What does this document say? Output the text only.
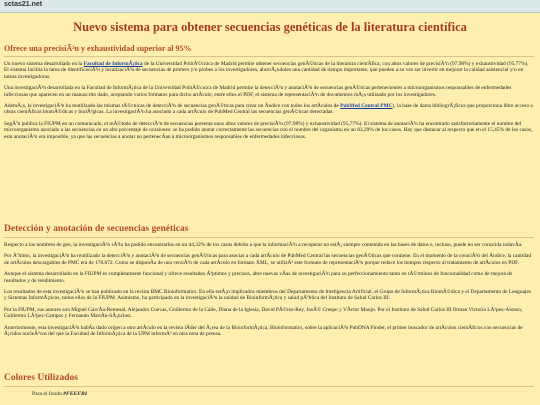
sctas21.net
Nuevo sistema para obtener secuencias genéticas de la literatura científica
Ofrece una precisiÃ³n y exhaustividad superior al 95%

Un nuevo sistema desarrollado en la Facultad de InformÃ¡tica de la Universidad PolitÃ©cnica de Madrid permite obtener secuencias genÃ©ticas de la literatura cientÃfica, con altos valores de precisiÃ³n (97,98%) y exhaustividad (95,77%). El sistema facilita la tarea de identificaciÃ³n y localizaciÃ³n de secuencias de primers y/o probes a los investigadores, ahorrÃ¡ndoles una cantidad de tiempo importante, que pueden a su vez ser invertir en mejorar la calidad asistencial y/o en tareas investigadoras.

Una investigaciÃ³n desarrollada en la Facultad de InformÃ¡tica de la Universidad PolitÃ©cnica de Madrid permite la detecciÃ³n y anotaciÃ³n de secuencias genÃ©ticas pertenecientes a microorganismos responsables de enfermedades infecciosas que aparecen en un manuscrito dado, aceptando varios formatos para dicho artÃculo, entre ellos el PDF, el sistema de representaciÃ³n de documentos mÃ¡s utilizado por los investigadores.

AdemÃ¡s, la investigaciÃ³n ha reutilizado las mismas tÃ©cnicas de detecciÃ³n de secuencias genÃ©ticas para crear un Ãndice con todos los artÃculos de PubMed Central PMC), la base de datos bibliogrÃ¡ficos que proporciona libre acceso a obras cientÃficas biomÃ©dicas y biolÃ³gicas. La investigaciÃ³n ha asociado a cada artÃculo de PubMed Central las secuencias genÃ©ticas detectadas.

SegÃºn publica la FIUPM en un comunicado, el mÃ©todo de detecciÃ³n de secuencias presenta unos altos valores de precisiÃ³n (97,98%) y exhaustividad (95,77%). El sistema de anotaciÃ³n ha encontrado satisfactoriamente el nombre del microorganismo asociado a las secuencias en un alto porcentaje de ocasiones: se ha podido anotar correctamente las secuencias con el nombre del organismo en un 83,29% de los casos. Hay que destacar al respecto que en el 15,45% de los casos, esta anotaciÃ³n era imposible, ya que las secuencias a anotar no pertenecÃan a microorganismos responsables de enfermedades infecciosas.

Detección y anotación de secuencias genéticas

Respecto a los nombres de gen, la investigaciÃ³n sÃ³lo ha podido encontrarlos en un 44,32% de los casos debido a que la informaciÃ³n a recuperar no estÃ¡ siempre contenida en las bases de datos e, incluso, puede no ser conocida todavÃa.

Por Ãºltimo, la investigaciÃ³n ha reutilizado la detecciÃ³n y anotaciÃ³n de secuencias genÃ©ticas para asociar a cada artÃculo de PubMed Central las secuencias genÃ©ticas que contiene. En el momento de la creaciÃ³n del Ãndice, la cantidad de artÃculos descargables de PMC era de 176.672. Como se disponÃa de una versiÃ³n de cada artÃculo en formato XML, se utilizÃ³ este formato de representaciÃ³n porque reduce los tiempos respecto al tratamiento de artÃculos en PDF.

Aunque el sistema desarrollado en la FIUPM es completamente funcional y ofrece resultados Ã³ptimos y precisos, abre nuevas vÃas de investigaciÃ³n para su perfeccionamiento tanto en tÃ©rminos de funcionalidad como de mejora de resultados y de rendimiento.

Los resultados de esta investigaciÃ³n se han publicado en la revista BMC Bioinformatics. En ella estÃ¡n implicados miembros del Departamento de Inteligencia Artificial, el Grupo de InformÃ¡tica BiomÃ©dica y el Departamento de Lenguajes y Sistemas InformÃ¡ticos, todos ellos de la FIUPM. Asimismo, ha participado en la investigaciÃ³n la unidad de BioinformÃ¡tica y salud pÃºblica del Instituto de Salud Carlos III.

Por la FIUPM, sus autores son Miguel GarcÃa-Remesal, Alejandro Cuevas, Guillermo de la Calle, Diana de la Iglesia, David PÃ©rez-Rey, JosÃ© Crespo y VÃctor Maojo. Por el Instituto de Salud Carlos III firman Victoria LÃ³pez-Alonso, Guillermo LÃ³pez-Campos y Fernando MartÃn-SÃ¡nchez.

Anteriormente, esta investigaciÃ³n habÃa dado origen a otro artÃculo en la revista lÃder del Ã¡rea de la BioinformÃ¡tica, Bioinformatics, sobre la aplicaciÃ³n PubDNA Finder, el primer buscador de artÃculos cientÃficos con secuencias de Ã¡cidos nucleÃ³cos del que la Facultad de InformÃ¡tica de la UPM informÃ³ en otra nota de prensa.

Colores Utilizados

Para el fondo #FEEFB1
